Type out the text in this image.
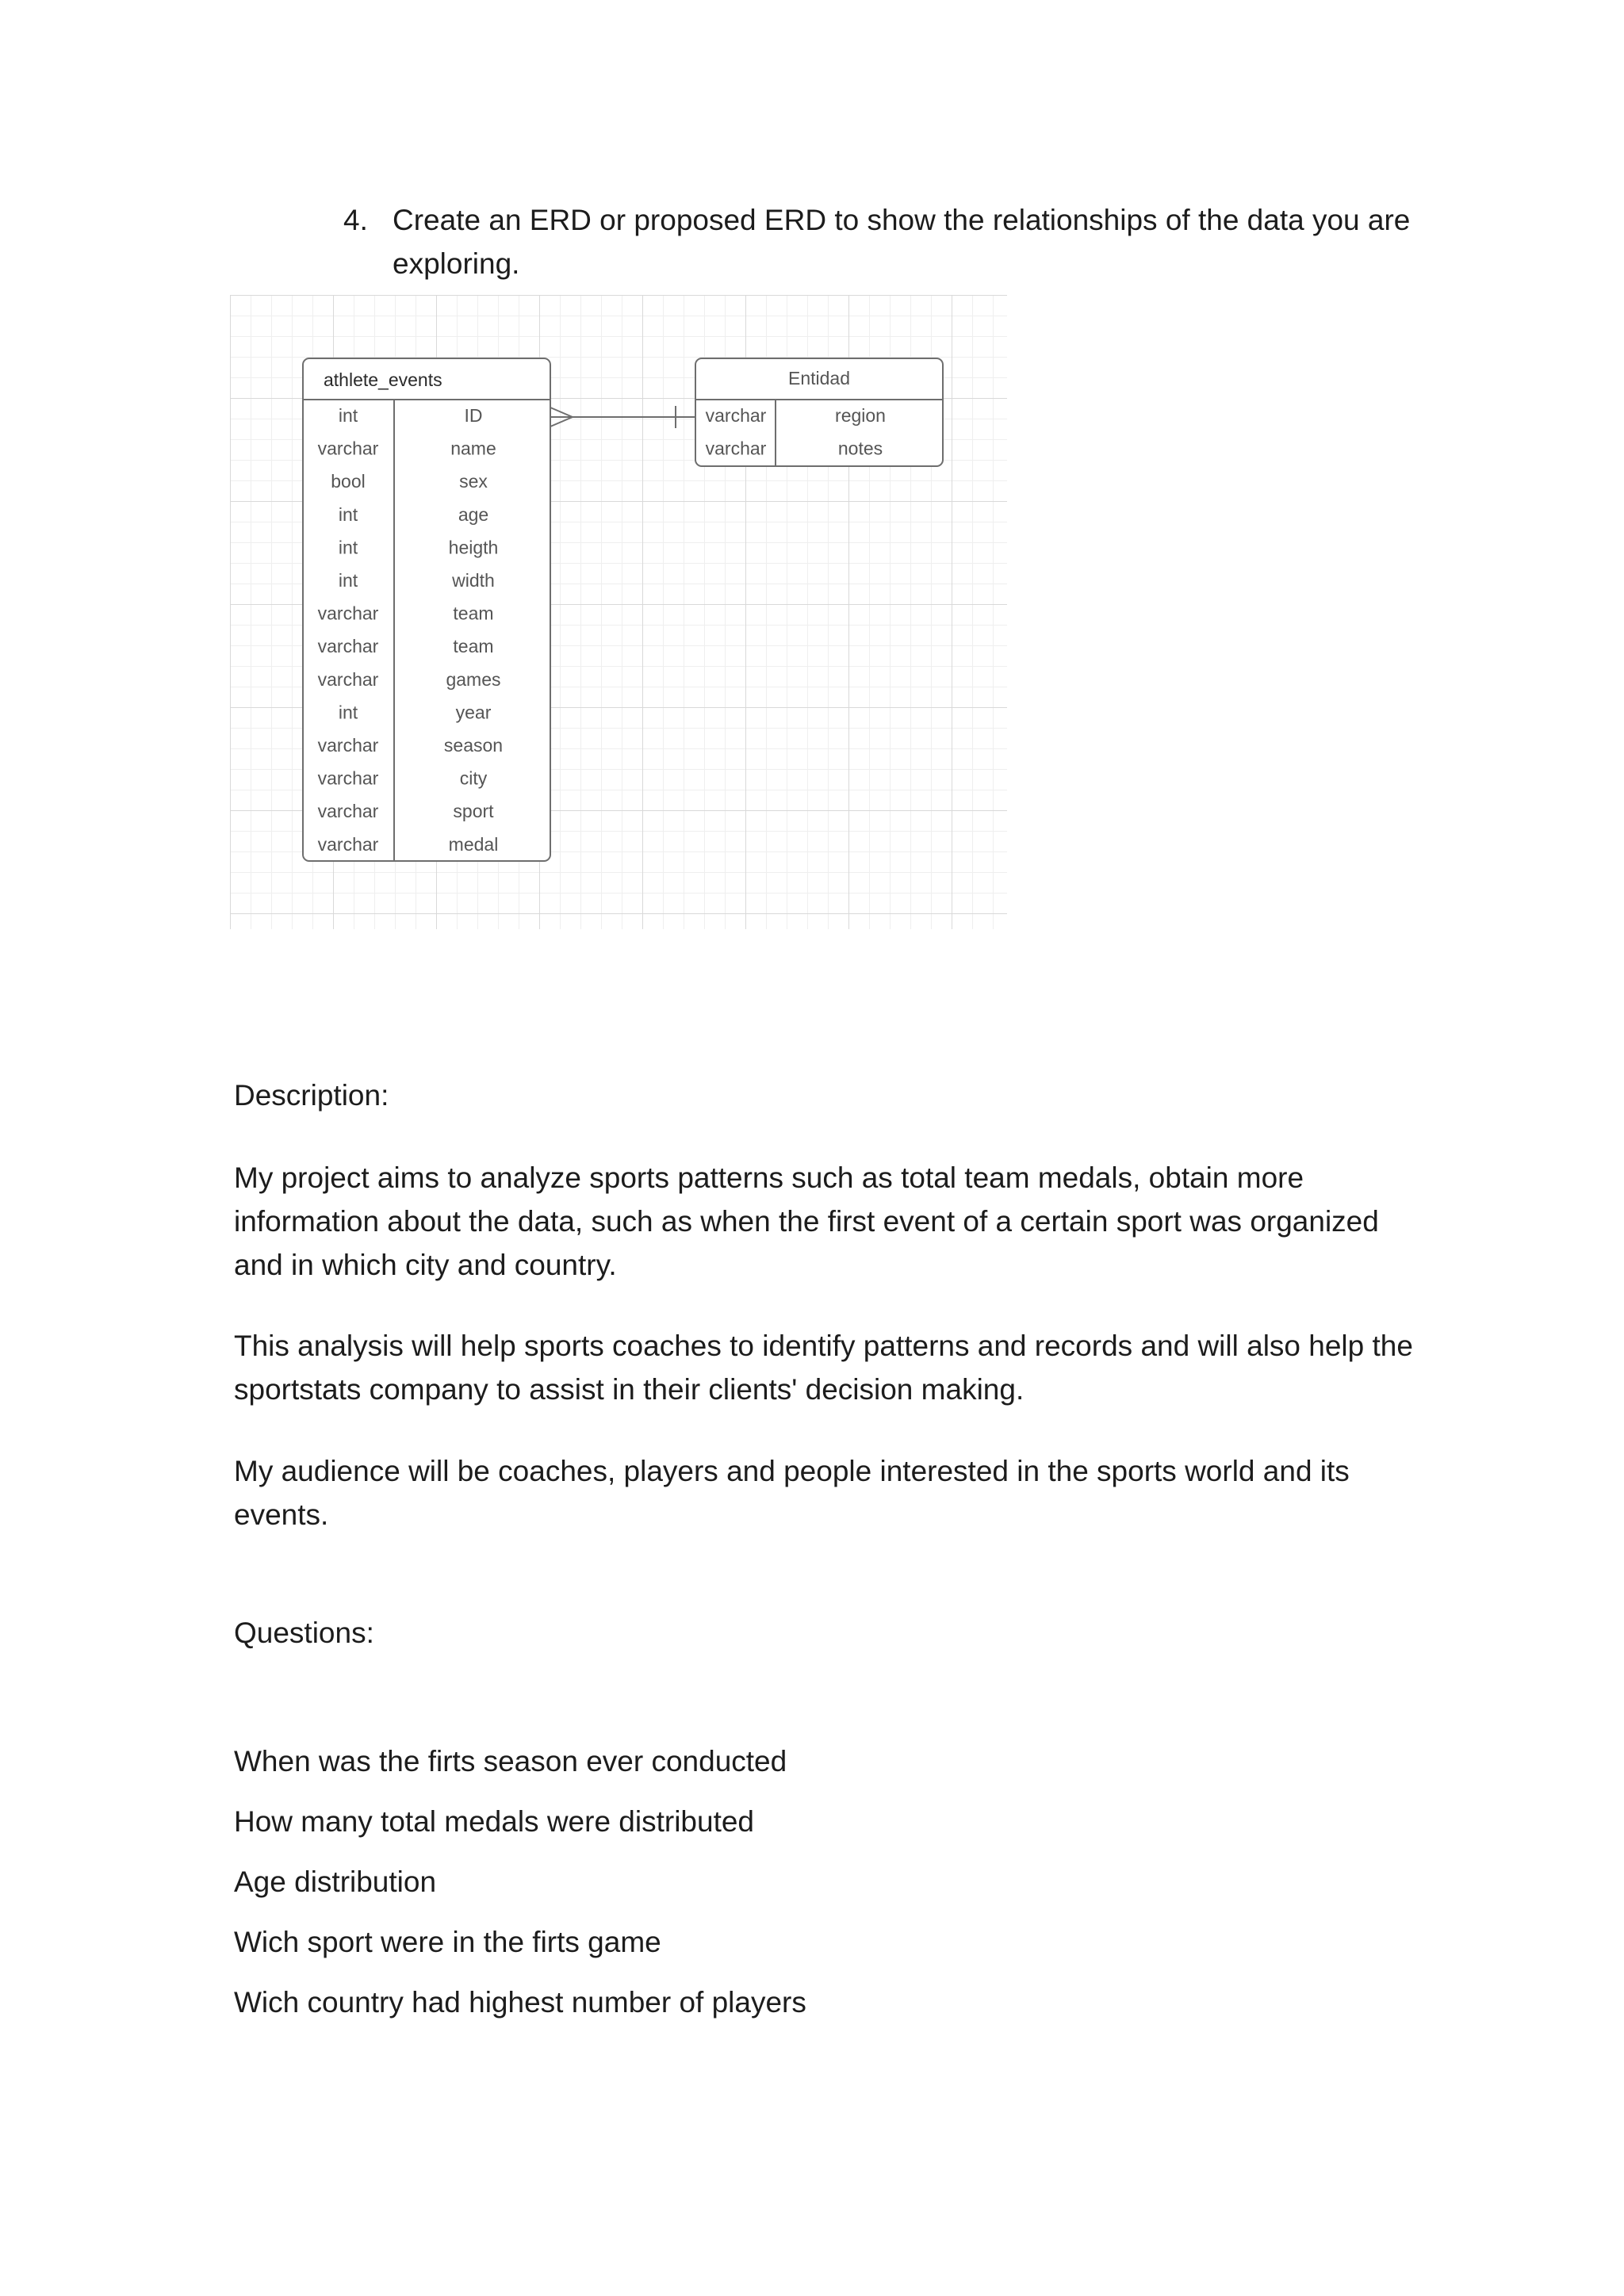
4. Create an ERD or proposed ERD to show the relationships of the data you are
exploring.
athlete_events
int	ID
varchar	name
bool	sex
int	age
int	heigth
int	width
varchar	team
varchar	team
varchar	games
int	year
varchar	season
varchar	city
varchar	sport
varchar	medal
Entidad
varchar	region
varchar	notes

Description:

My project aims to analyze sports patterns such as total team medals, obtain more
information about the data, such as when the first event of a certain sport was organized
and in which city and country.
This analysis will help sports coaches to identify patterns and records and will also help the
sportstats company to assist in their clients' decision making.
My audience will be coaches, players and people interested in the sports world and its
events.

Questions:

When was the firts season ever conducted
How many total medals were distributed
Age distribution
Wich sport were in the firts game
Wich country had highest number of players
